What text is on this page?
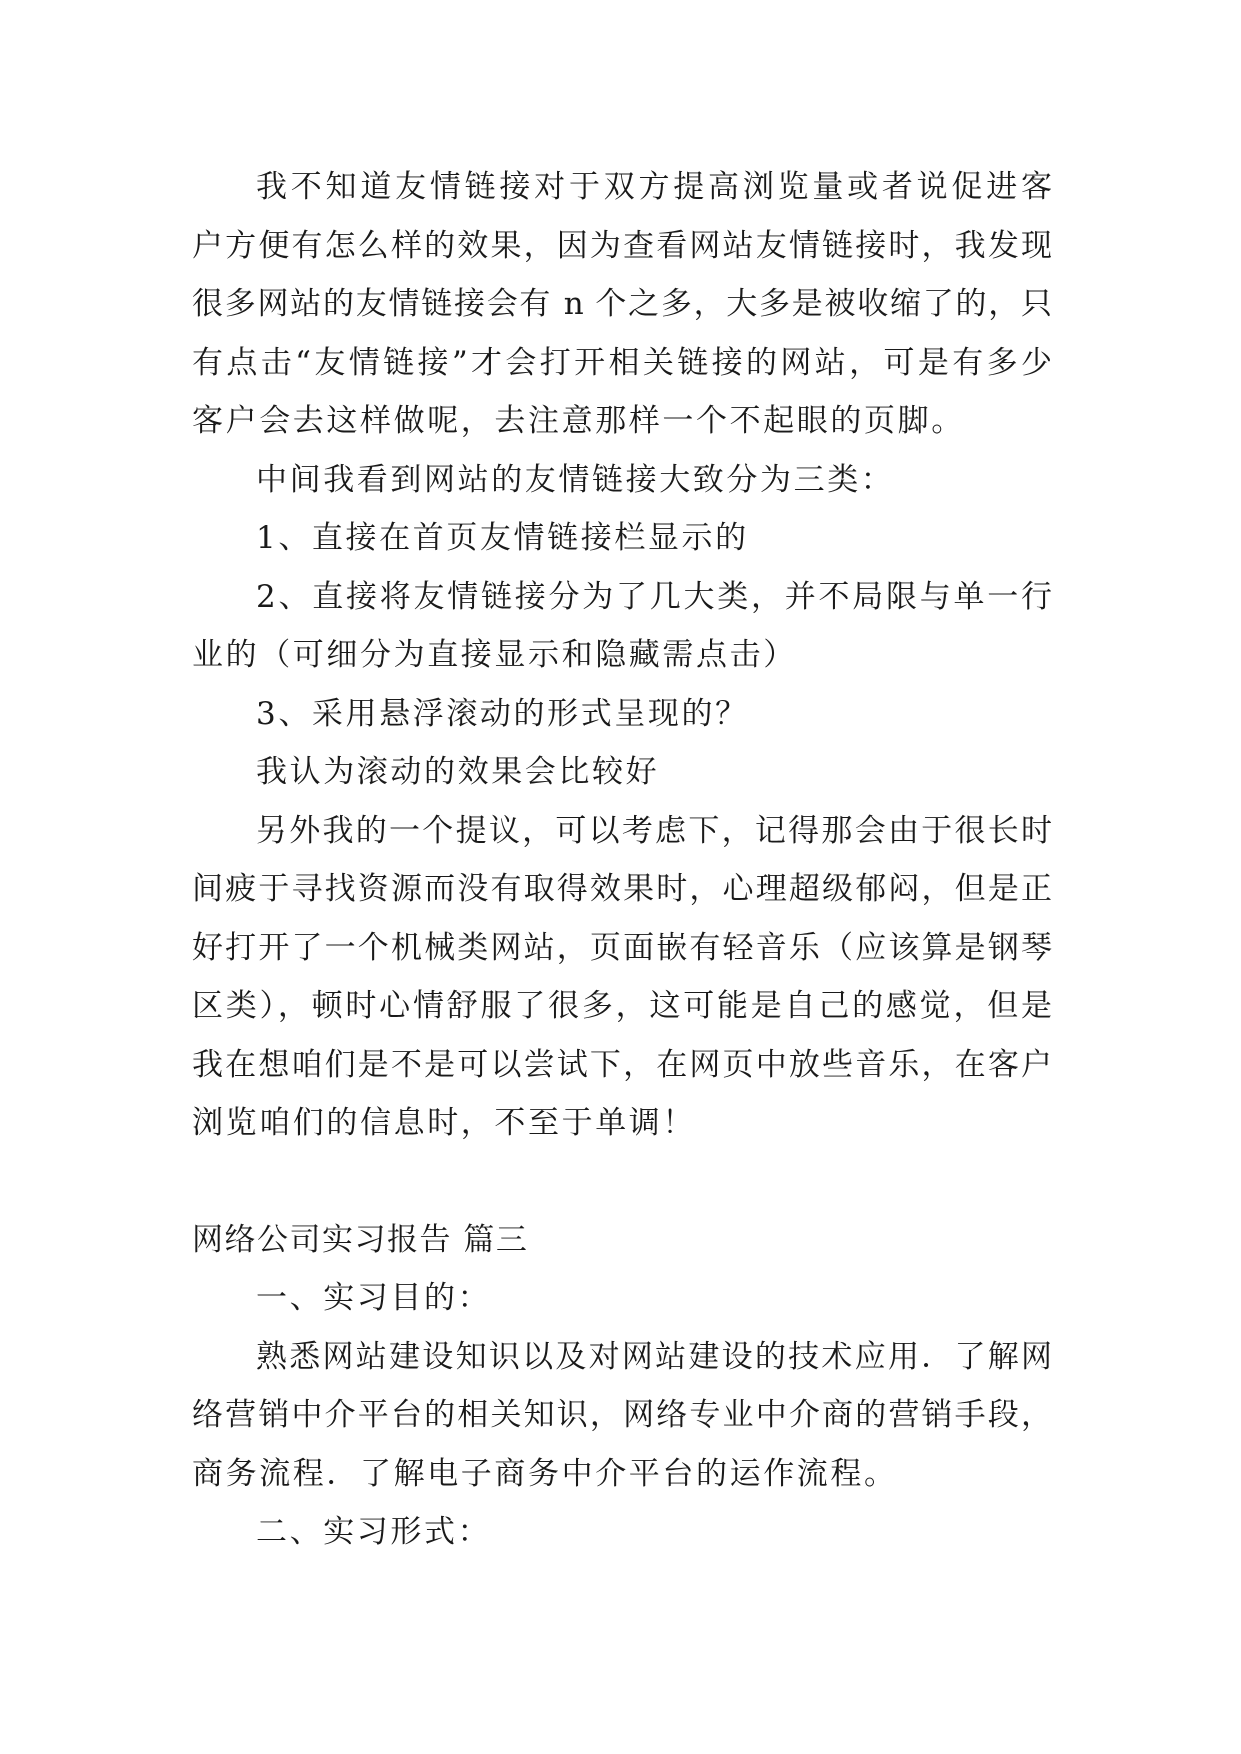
我不知道友情链接对于双方提高浏览量或者说促进客
户方便有怎么样的效果，因为查看网站友情链接时，我发现
很多网站的友情链接会有 n 个之多，大多是被收缩了的，只
有点击“友情链接”才会打开相关链接的网站，可是有多少
客户会去这样做呢，去注意那样一个不起眼的页脚。
中间我看到网站的友情链接大致分为三类：
1、直接在首页友情链接栏显示的
2、直接将友情链接分为了几大类，并不局限与单一行
业的（可细分为直接显示和隐藏需点击）
3、采用悬浮滚动的形式呈现的？
我认为滚动的效果会比较好
另外我的一个提议，可以考虑下，记得那会由于很长时
间疲于寻找资源而没有取得效果时，心理超级郁闷，但是正
好打开了一个机械类网站，页面嵌有轻音乐（应该算是钢琴
区类），顿时心情舒服了很多，这可能是自己的感觉，但是
我在想咱们是不是可以尝试下，在网页中放些音乐，在客户
浏览咱们的信息时，不至于单调！
网络公司实习报告 篇三
一、实习目的：
熟悉网站建设知识以及对网站建设的技术应用．了解网
络营销中介平台的相关知识，网络专业中介商的营销手段，
商务流程．了解电子商务中介平台的运作流程。
二、实习形式：
